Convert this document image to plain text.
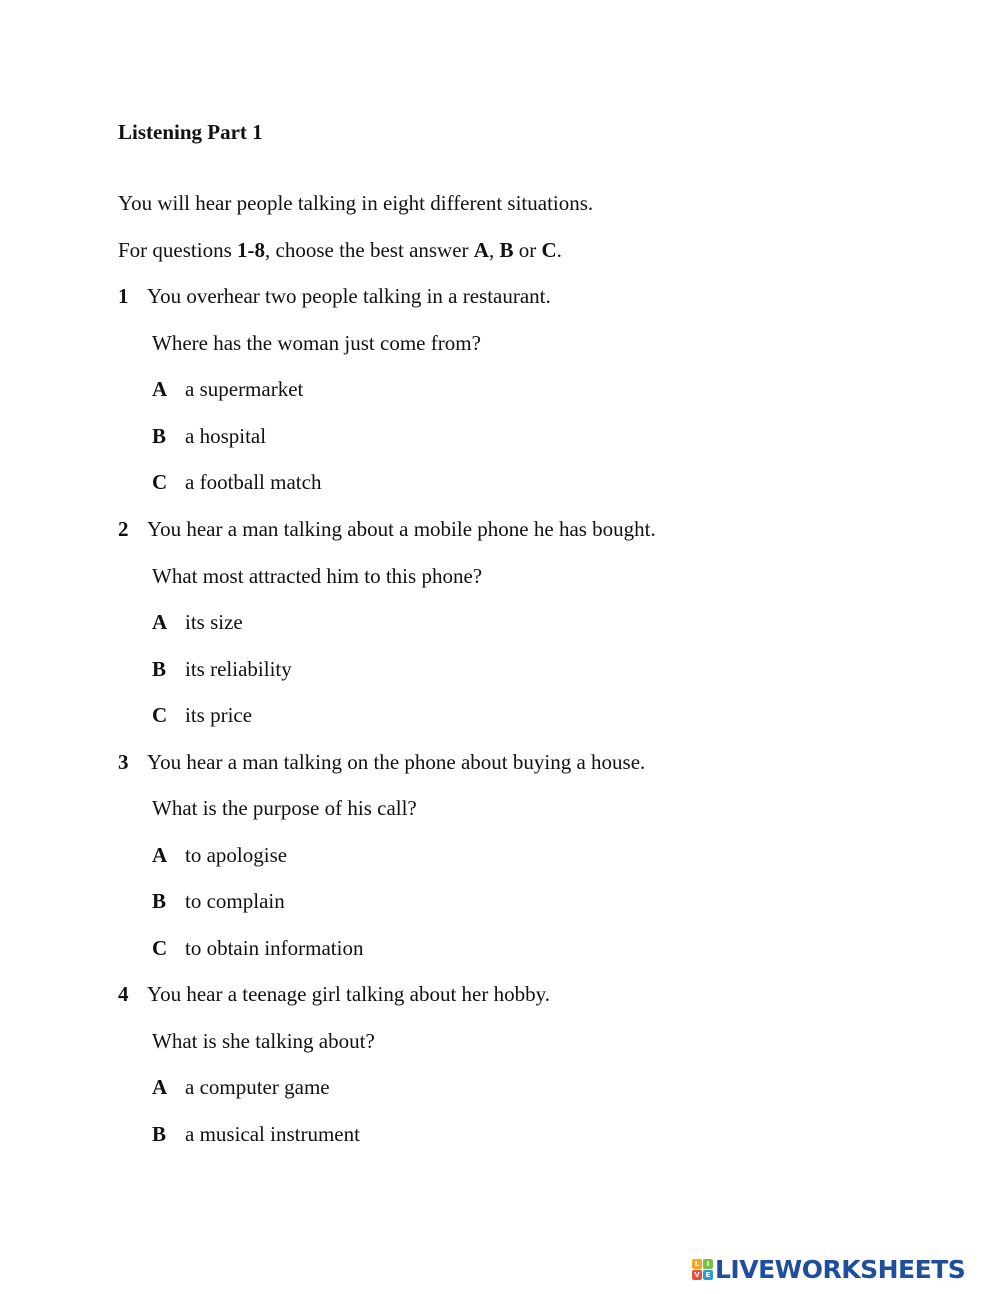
Listening Part 1
You will hear people talking in eight different situations.
For questions 1-8, choose the best answer A, B or C.
1 You overhear two people talking in a restaurant.
Where has the woman just come from?
A a supermarket
B a hospital
C a football match
2 You hear a man talking about a mobile phone he has bought.
What most attracted him to this phone?
A its size
B its reliability
C its price
3 You hear a man talking on the phone about buying a house.
What is the purpose of his call?
A to apologise
B to complain
C to obtain information
4 You hear a teenage girl talking about her hobby.
What is she talking about?
A a computer game
B a musical instrument
L	I
V E LIVEWORKSHEETS
